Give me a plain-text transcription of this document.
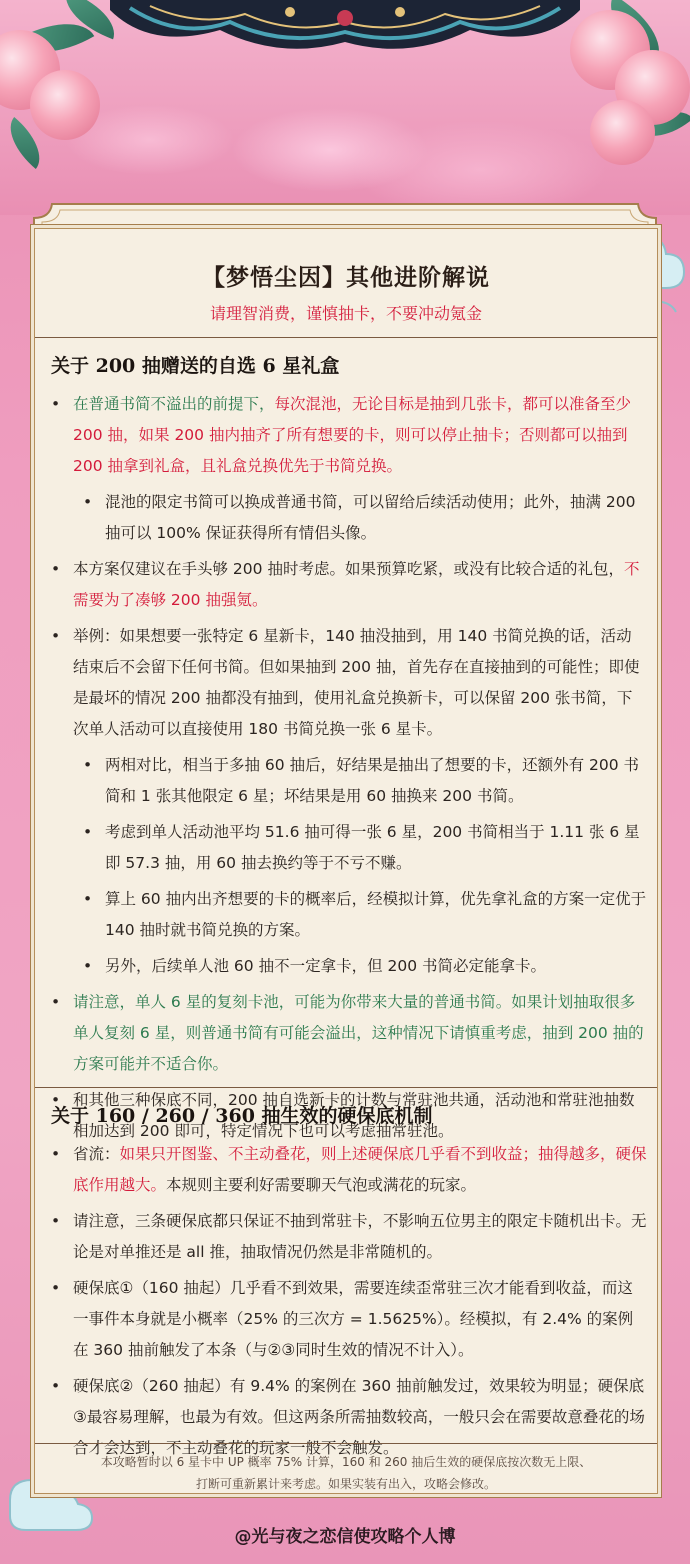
【梦悟尘因】其他进阶解说
请理智消费，谨慎抽卡，不要冲动氪金
关于 200 抽赠送的自选 6 星礼盒
• 在普通书简不溢出的前提下，每次混池，无论目标是抽到几张卡，都可以准备至少 200 抽，如果 200 抽内抽齐了所有想要的卡，则可以停止抽卡；否则都可以抽到 200 抽拿到礼盒，且礼盒兑换优先于书简兑换。
• 混池的限定书简可以换成普通书简，可以留给后续活动使用；此外，抽满 200 抽可以 100% 保证获得所有情侣头像。
• 本方案仅建议在手头够 200 抽时考虑。如果预算吃紧，或没有比较合适的礼包，不需要为了凑够 200 抽强氪。
• 举例：如果想要一张特定 6 星新卡，140 抽没抽到，用 140 书简兑换的话，活动结束后不会留下任何书简。但如果抽到 200 抽，首先存在直接抽到的可能性；即使是最坏的情况 200 抽都没有抽到，使用礼盒兑换新卡，可以保留 200 张书简，下次单人活动可以直接使用 180 书简兑换一张 6 星卡。
• 两相对比，相当于多抽 60 抽后，好结果是抽出了想要的卡，还额外有 200 书简和 1 张其他限定 6 星；坏结果是用 60 抽换来 200 书简。
• 考虑到单人活动池平均 51.6 抽可得一张 6 星，200 书简相当于 1.11 张 6 星即 57.3 抽，用 60 抽去换约等于不亏不赚。
• 算上 60 抽内出齐想要的卡的概率后，经模拟计算，优先拿礼盒的方案一定优于 140 抽时就书简兑换的方案。
• 另外，后续单人池 60 抽不一定拿卡，但 200 书简必定能拿卡。
• 请注意，单人 6 星的复刻卡池，可能为你带来大量的普通书简。如果计划抽取很多单人复刻 6 星，则普通书简有可能会溢出，这种情况下请慎重考虑，抽到 200 抽的方案可能并不适合你。
• 和其他三种保底不同，200 抽自选新卡的计数与常驻池共通，活动池和常驻池抽数相加达到 200 即可，特定情况下也可以考虑抽常驻池。
关于 160 / 260 / 360 抽生效的硬保底机制
• 省流：如果只开图鉴、不主动叠花，则上述硬保底几乎看不到收益；抽得越多，硬保底作用越大。本规则主要利好需要聊天气泡或满花的玩家。
• 请注意，三条硬保底都只保证不抽到常驻卡，不影响五位男主的限定卡随机出卡。无论是对单推还是 all 推，抽取情况仍然是非常随机的。
• 硬保底①（160 抽起）几乎看不到效果，需要连续歪常驻三次才能看到收益，而这一事件本身就是小概率（25% 的三次方 = 1.5625%）。经模拟，有 2.4% 的案例在 360 抽前触发了本条（与②③同时生效的情况不计入）。
• 硬保底②（260 抽起）有 9.4% 的案例在 360 抽前触发过，效果较为明显；硬保底③最容易理解，也最为有效。但这两条所需抽数较高，一般只会在需要故意叠花的场合才会达到，不主动叠花的玩家一般不会触发。
本攻略暂时以 6 星卡中 UP 概率 75% 计算，160 和 260 抽后生效的硬保底按次数无上限、
打断可重新累计来考虑。如果实装有出入，攻略会修改。
@光与夜之恋信使攻略个人博
